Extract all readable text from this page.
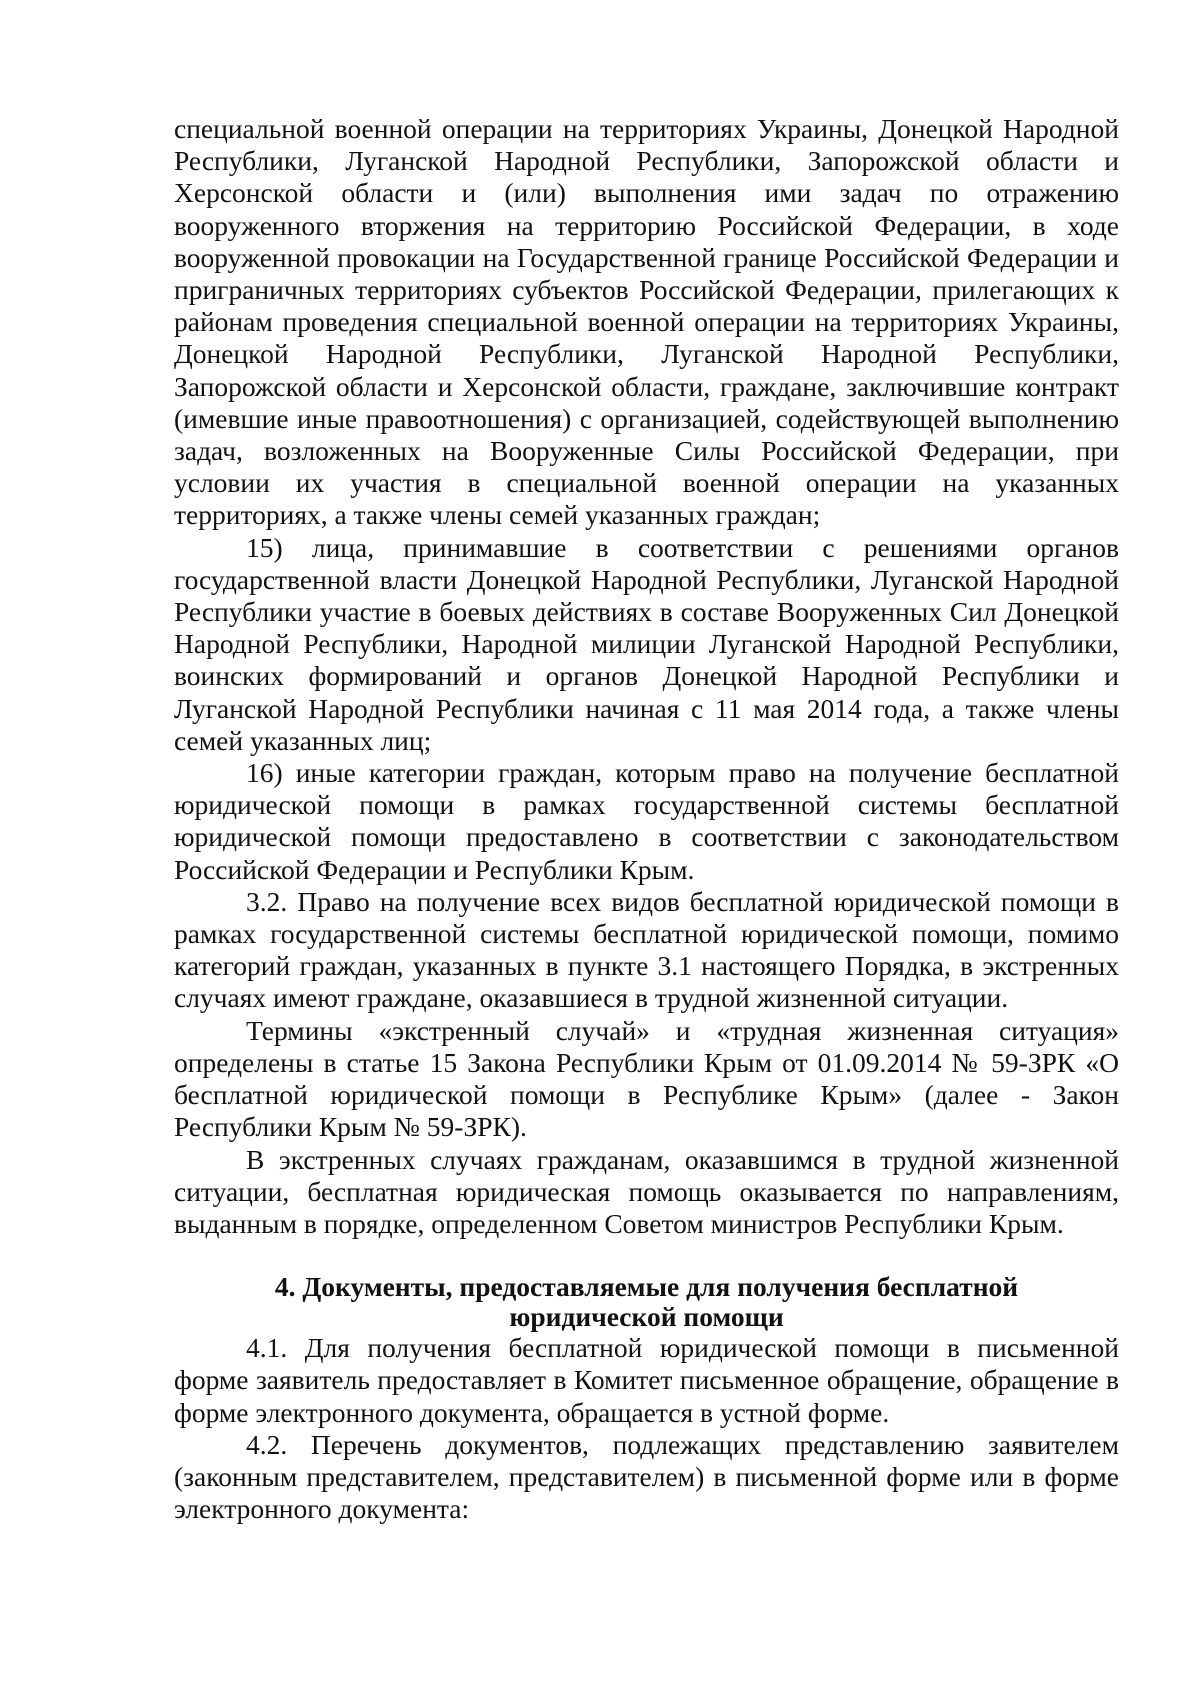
специальной военной операции на территориях Украины, Донецкой Народной Республики, Луганской Народной Республики, Запорожской области и Херсонской области и (или) выполнения ими задач по отражению вооруженного вторжения на территорию Российской Федерации, в ходе вооруженной провокации на Государственной границе Российской Федерации и приграничных территориях субъектов Российской Федерации, прилегающих к районам проведения специальной военной операции на территориях Украины, Донецкой Народной Республики, Луганской Народной Республики, Запорожской области и Херсонской области, граждане, заключившие контракт (имевшие иные правоотношения) с организацией, содействующей выполнению задач, возложенных на Вооруженные Силы Российской Федерации, при условии их участия в специальной военной операции на указанных территориях, а также члены семей указанных граждан;

15) лица, принимавшие в соответствии с решениями органов государственной власти Донецкой Народной Республики, Луганской Народной Республики участие в боевых действиях в составе Вооруженных Сил Донецкой Народной Республики, Народной милиции Луганской Народной Республики, воинских формирований и органов Донецкой Народной Республики и Луганской Народной Республики начиная с 11 мая 2014 года, а также члены семей указанных лиц;

16) иные категории граждан, которым право на получение бесплатной юридической помощи в рамках государственной системы бесплатной юридической помощи предоставлено в соответствии с законодательством Российской Федерации и Республики Крым.

3.2. Право на получение всех видов бесплатной юридической помощи в рамках государственной системы бесплатной юридической помощи, помимо категорий граждан, указанных в пункте 3.1 настоящего Порядка, в экстренных случаях имеют граждане, оказавшиеся в трудной жизненной ситуации.

Термины «экстренный случай» и «трудная жизненная ситуация» определены в статье 15 Закона Республики Крым от 01.09.2014 № 59-ЗРК «О бесплатной юридической помощи в Республике Крым» (далее - Закон Республики Крым № 59-ЗРК).

В экстренных случаях гражданам, оказавшимся в трудной жизненной ситуации, бесплатная юридическая помощь оказывается по направлениям, выданным в порядке, определенном Советом министров Республики Крым.

4. Документы, предоставляемые для получения бесплатной
юридической помощи

4.1. Для получения бесплатной юридической помощи в письменной форме заявитель предоставляет в Комитет письменное обращение, обращение в форме электронного документа, обращается в устной форме.

4.2. Перечень документов, подлежащих представлению заявителем (законным представителем, представителем) в письменной форме или в форме электронного документа:
